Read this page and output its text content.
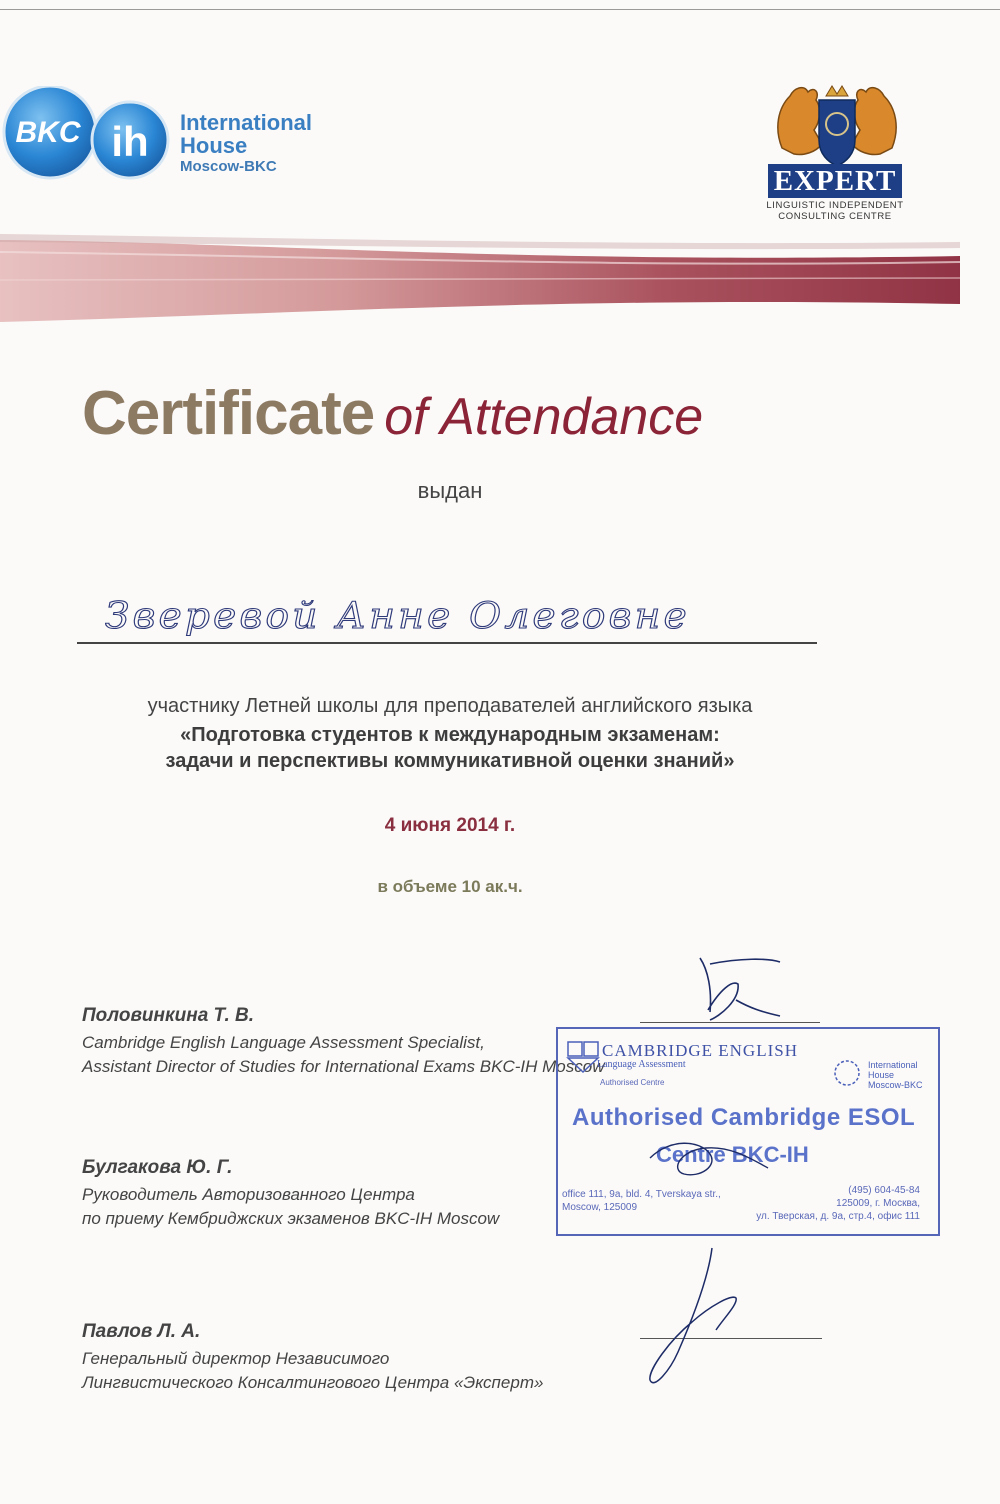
BKC ih International
House
Moscow-BKC	EXPERT
LINGUISTIC INDEPENDENT
CONSULTING CENTRE
Certificate of Attendance
выдан
Зверевой Анне Олеговне
участнику Летней школы для преподавателей английского языка
«Подготовка студентов к международным экзаменам:
задачи и перспективы коммуникативной оценки знаний»
4 июня 2014 г.
в объеме 10 ак.ч.
Половинкина Т. В.
Cambridge English Language Assessment Specialist,
Assistant Director of Studies for International Exams BKC-IH Moscow
Булгакова Ю. Г.
Руководитель Авторизованного Центра
по приему Кембриджских экзаменов BKC-IH Moscow
CAMBRIDGE ENGLISH
Language Assessment
Authorised Centre
International
House
Moscow-BKC
Authorised Cambridge ESOL
Centre BKC-IH
office 111, 9a, bld. 4, Tverskaya str.,
Moscow, 125009
(495) 604-45-84
125009, г. Москва,
ул. Тверская, д. 9а, стр.4, офис 111
Павлов Л. А.
Генеральный директор Независимого
Лингвистического Консалтингового Центра «Эксперт»
